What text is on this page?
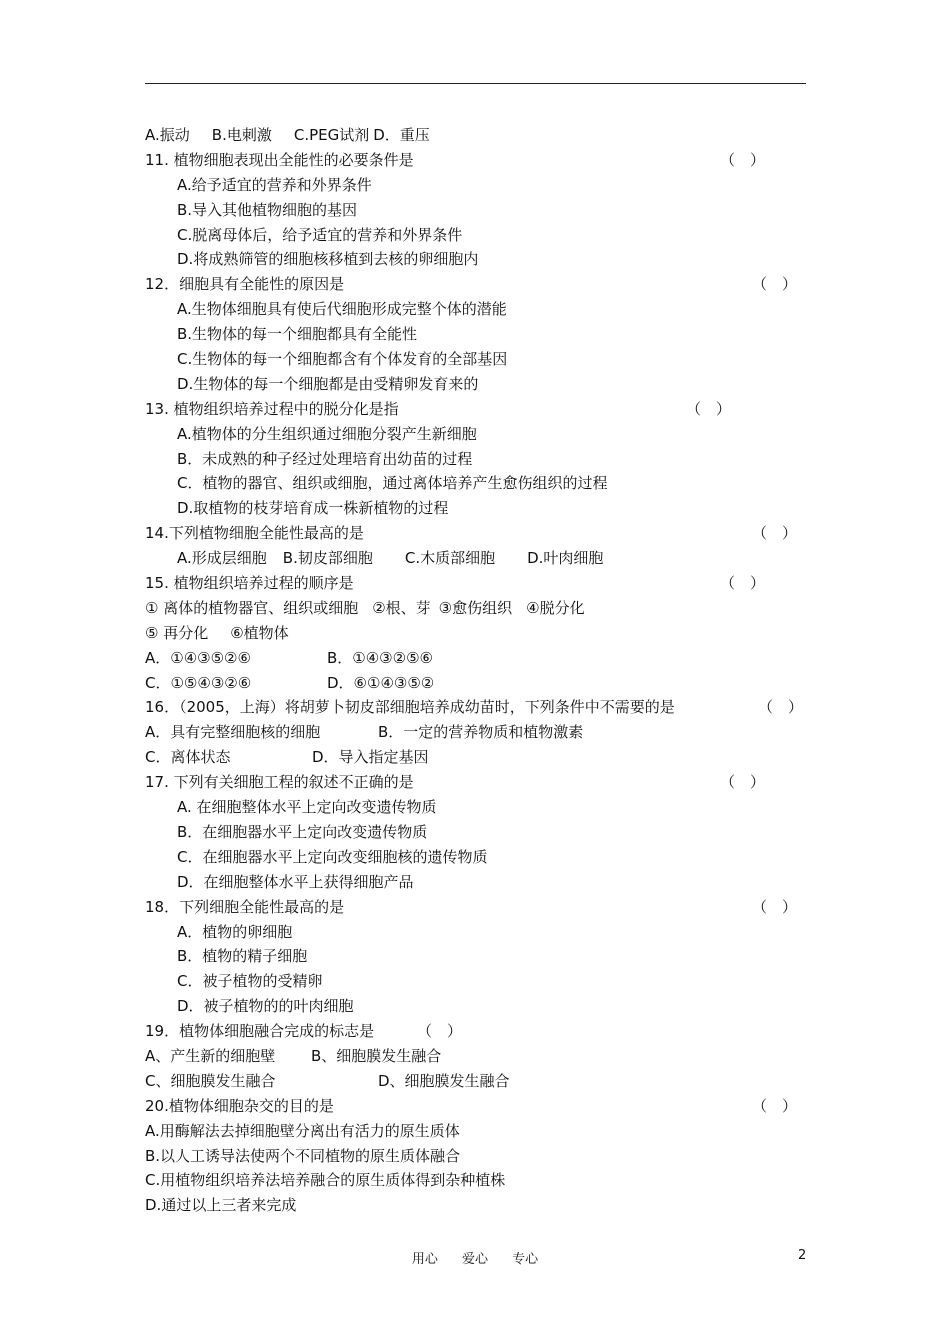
A.振动 B.电刺激 C.PEG试剂 D．重压
11. 植物细胞表现出全能性的必要条件是	（　）
A.给予适宜的营养和外界条件
B.导入其他植物细胞的基因
C.脱离母体后，给予适宜的营养和外界条件
D.将成熟筛管的细胞核移植到去核的卵细胞内
12．细胞具有全能性的原因是	（　）
A.生物体细胞具有使后代细胞形成完整个体的潜能
B.生物体的每一个细胞都具有全能性
C.生物体的每一个细胞都含有个体发育的全部基因
D.生物体的每一个细胞都是由受精卵发育来的
13. 植物组织培养过程中的脱分化是指	（　）
A.植物体的分生组织通过细胞分裂产生新细胞
B．未成熟的种子经过处理培育出幼苗的过程
C．植物的器官、组织或细胞，通过离体培养产生愈伤组织的过程
D.取植物的枝芽培育成一株新植物的过程
14.下列植物细胞全能性最高的是	（　）
A.形成层细胞 B.韧皮部细胞 C.木质部细胞 D.叶肉细胞
15. 植物组织培养过程的顺序是	（　）
① 离体的植物器官、组织或细胞 ②根、芽 ③愈伤组织 ④脱分化
⑤ 再分化 ⑥植物体
A．①④③⑤②⑥	B．①④③②⑤⑥
C．①⑤④③②⑥	D．⑥①④③⑤②
16．（2005，上海）将胡萝卜韧皮部细胞培养成幼苗时，下列条件中不需要的是	（　）
A．具有完整细胞核的细胞	B．一定的营养物质和植物激素
C．离体状态	D．导入指定基因
17. 下列有关细胞工程的叙述不正确的是	（　）
A. 在细胞整体水平上定向改变遗传物质
B．在细胞器水平上定向改变遗传物质
C．在细胞器水平上定向改变细胞核的遗传物质
D．在细胞整体水平上获得细胞产品
18．下列细胞全能性最高的是	（　）
A．植物的卵细胞
B．植物的精子细胞
C．被子植物的受精卵
D．被子植物的的叶肉细胞
19．植物体细胞融合完成的标志是	（　）
A、产生新的细胞壁 B、细胞膜发生融合
C、细胞膜发生融合	D、细胞膜发生融合
20.植物体细胞杂交的目的是	（　）
A.用酶解法去掉细胞壁分离出有活力的原生质体
B.以人工诱导法使两个不同植物的原生质体融合
C.用植物组织培养法培养融合的原生质体得到杂种植株
D.通过以上三者来完成
用心 爱心 专心	2
